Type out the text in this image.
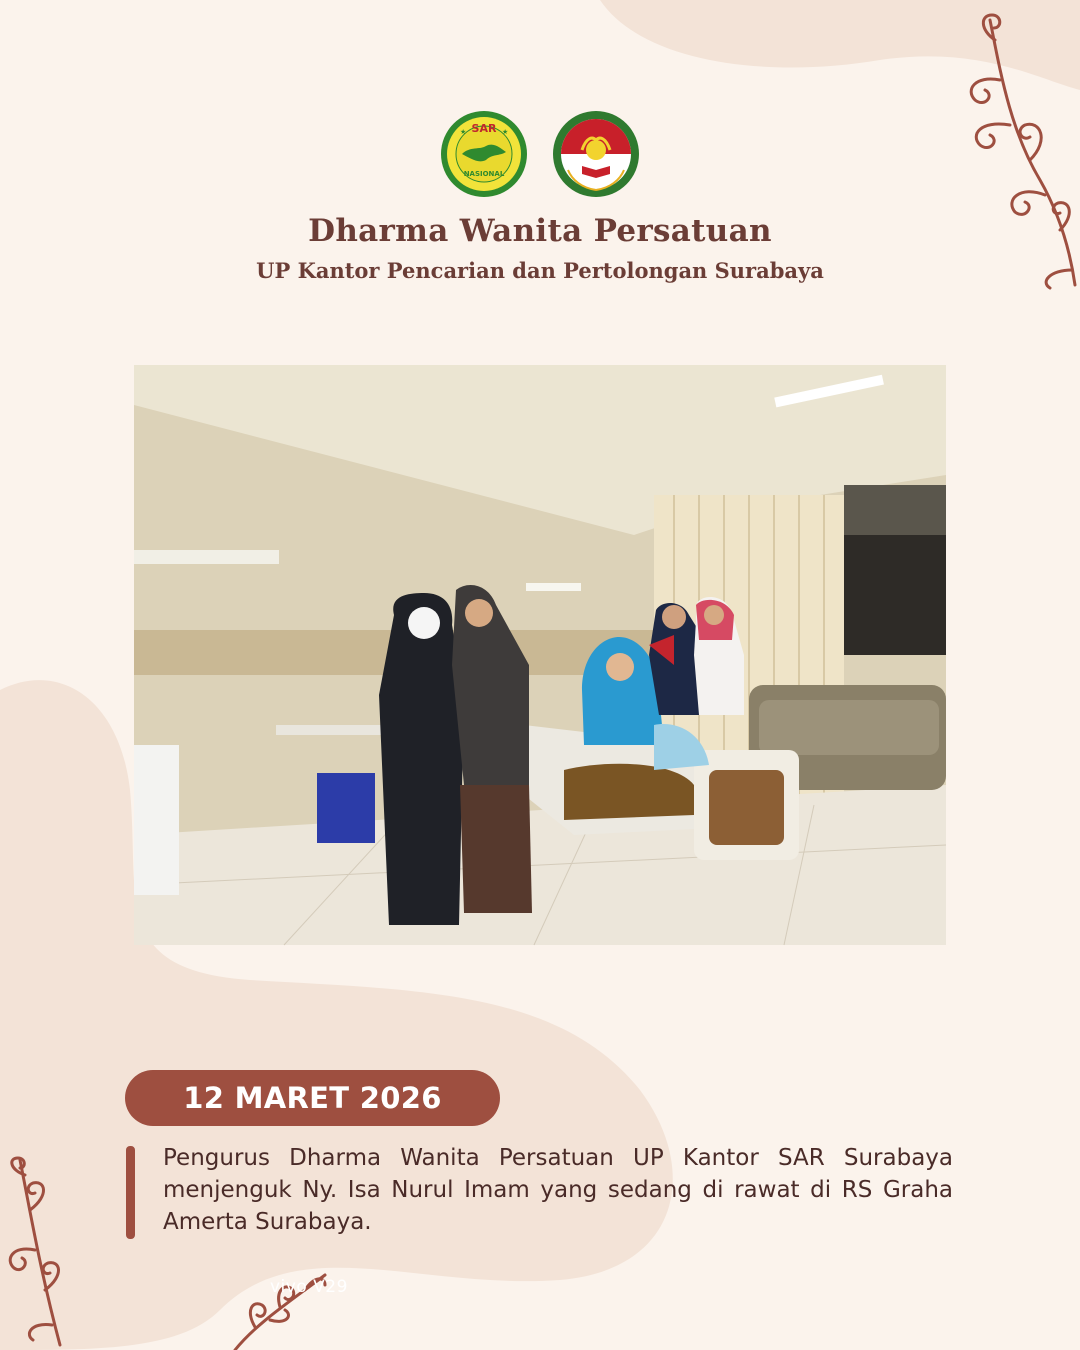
SAR
NASIONAL
★	★
Dharma Wanita Persatuan
UP Kantor Pencarian dan Pertolongan Surabaya
vivo V29
12 MARET 2026
Pengurus Dharma Wanita Persatuan UP Kantor SAR Surabaya menjenguk Ny. Isa Nurul Imam yang sedang di rawat di RS Graha Amerta Surabaya.
